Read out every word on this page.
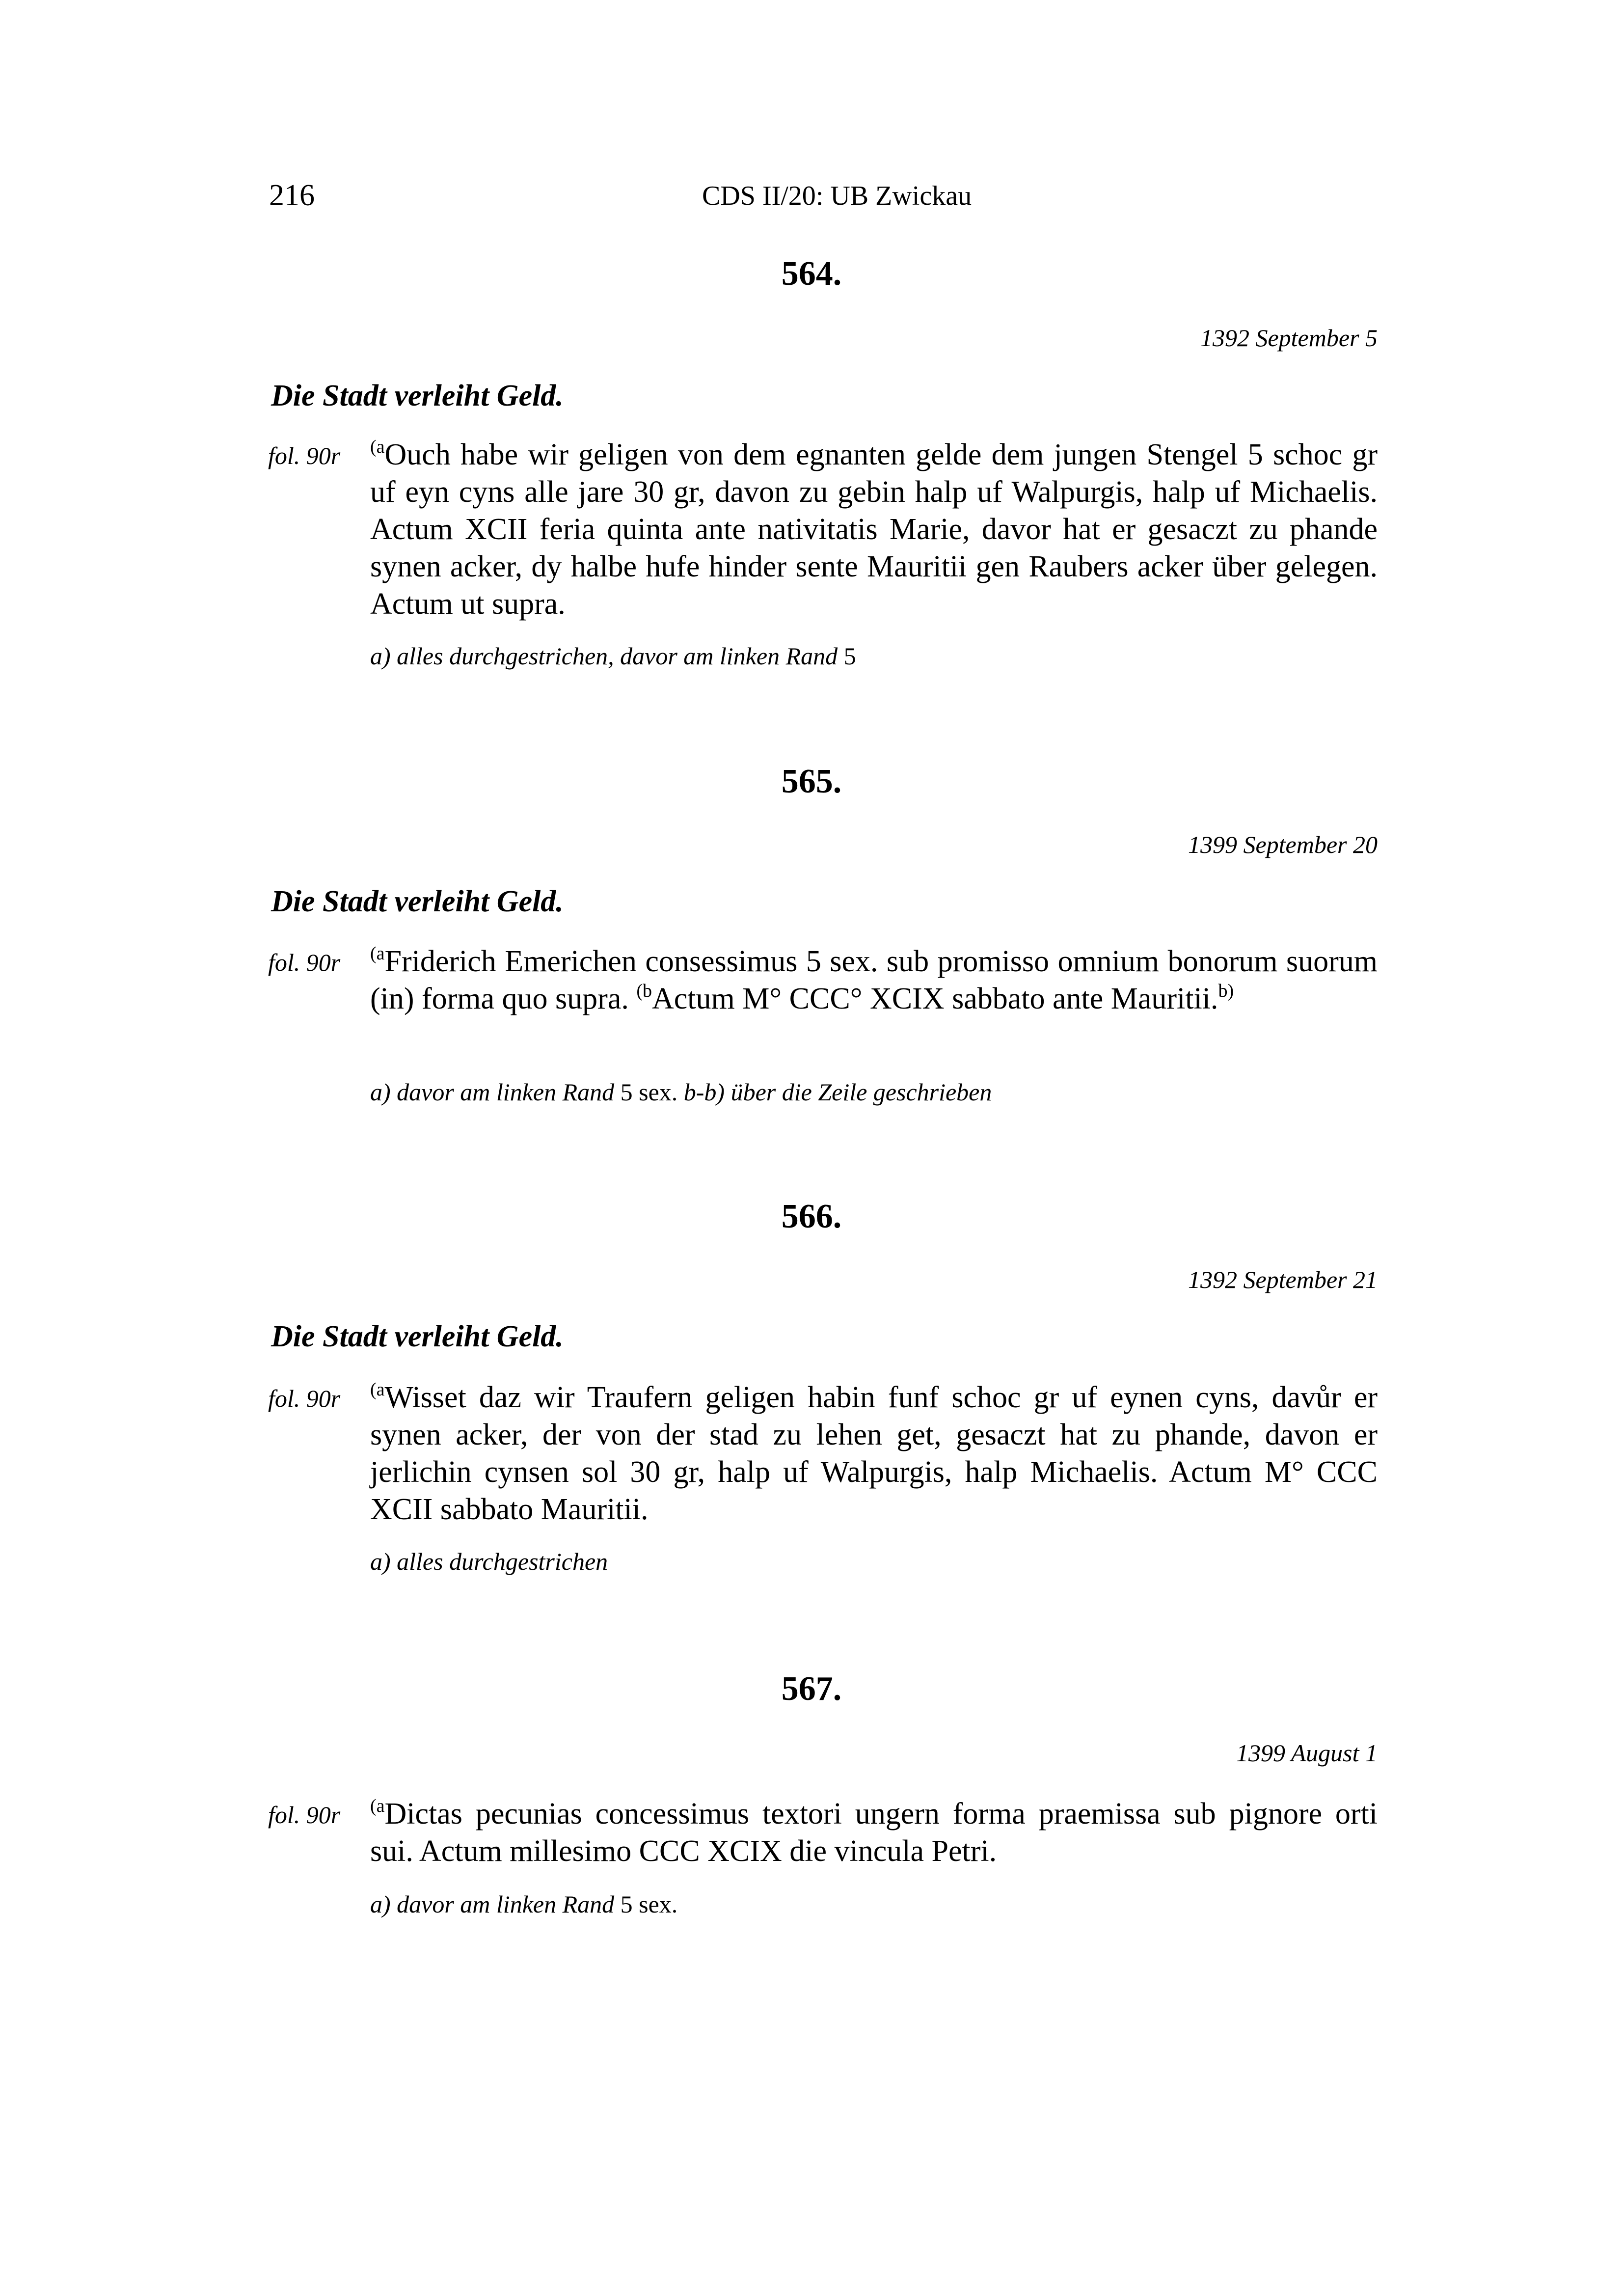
216	CDS II/20: UB Zwickau
564.
1392 September 5
Die Stadt verleiht Geld.
fol. 90r $^{(a}$Ouch habe wir geligen von dem egnanten gelde dem jungen Stengel 5 schoc gr uf eyn cyns alle jare 30 gr, davon zu gebin halp uf Walpurgis, halp uf Michaelis. Actum XCII feria quinta ante nativitatis Marie, davor hat er gesaczt zu phande synen acker, dy halbe hufe hinder sente Mauritii gen Raubers acker über gelegen. Actum ut supra.

a) alles durchgestrichen, davor am linken Rand 5
565.
1399 September 20
Die Stadt verleiht Geld.
fol. 90r $^{(a}$Friderich Emerichen consessimus 5 sex. sub promisso omnium bonorum suorum (in) forma quo supra. $^{(b}$Actum M° CCC° XCIX sabbato ante Mauritii.$^{b)}$

a) davor am linken Rand 5 sex. b-b) über die Zeile geschrieben
566.
1392 September 21
Die Stadt verleiht Geld.
fol. 90r $^{(a}$Wisset daz wir Traufern geligen habin funf schoc gr uf eynen cyns, davůr er synen acker, der von der stad zu lehen get, gesaczt hat zu phande, davon er jerlichin cynsen sol 30 gr, halp uf Walpurgis, halp Michaelis. Actum M° CCC XCII sabbato Mauritii.

a) alles durchgestrichen
567.
1399 August 1
fol. 90r $^{(a}$Dictas pecunias concessimus textori ungern forma praemissa sub pignore orti sui. Actum millesimo CCC XCIX die vincula Petri.

a) davor am linken Rand 5 sex.
